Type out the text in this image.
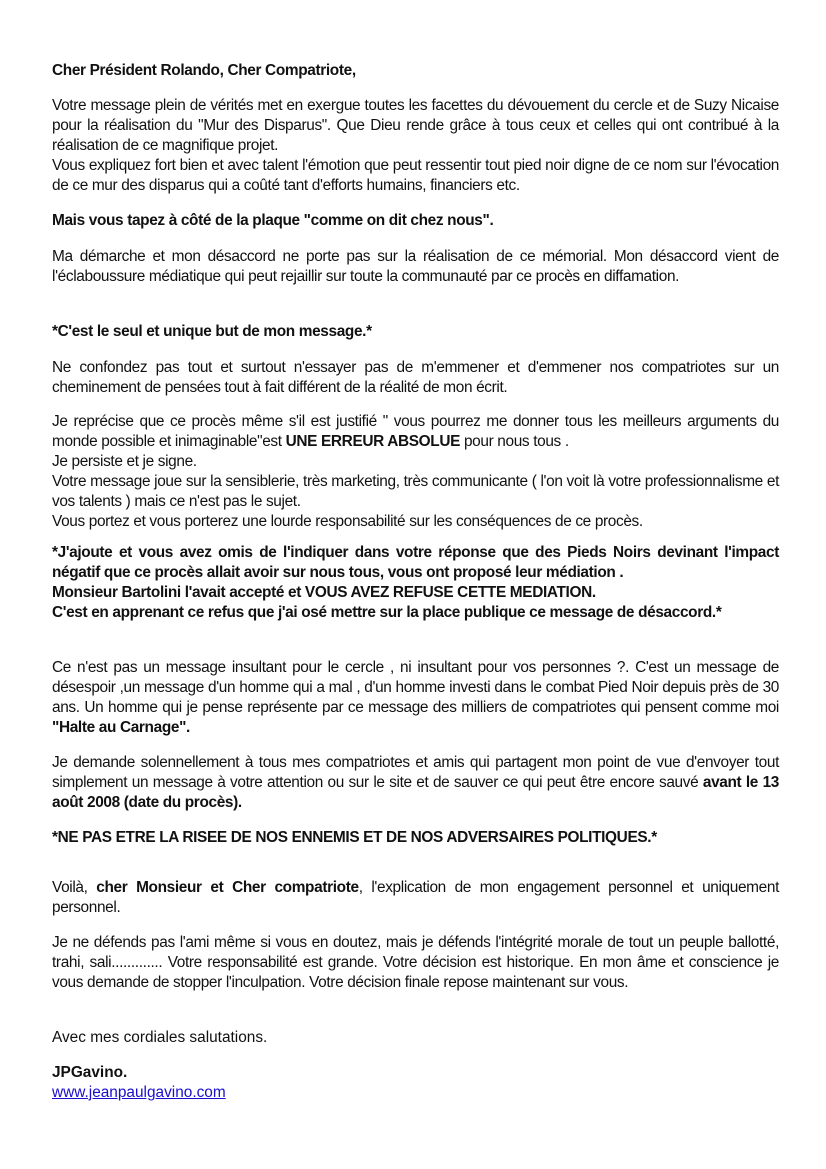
Cher Président Rolando, Cher Compatriote,

Votre message plein de vérités met en exergue toutes les facettes du dévouement du cercle et de Suzy Nicaise pour la réalisation du "Mur des Disparus". Que Dieu rende grâce à tous ceux et celles qui ont contribué à la réalisation de ce magnifique projet.
Vous expliquez fort bien et avec talent l'émotion que peut ressentir tout pied noir digne de ce nom sur l'évocation de ce mur des disparus qui a coûté tant d'efforts humains, financiers etc.

Mais vous tapez à côté de la plaque "comme on dit chez nous".

Ma démarche et mon désaccord ne porte pas sur la réalisation de ce mémorial. Mon désaccord vient de l'éclaboussure médiatique qui peut rejaillir sur toute la communauté par ce procès en diffamation.

*C'est le seul et unique but de mon message.*

Ne confondez pas tout et surtout n'essayer pas de m'emmener et d'emmener nos compatriotes sur un cheminement de pensées tout à fait différent de la réalité de mon écrit.

Je reprécise que ce procès même s'il est justifié " vous pourrez me donner tous les meilleurs arguments du monde possible et inimaginable"est UNE ERREUR ABSOLUE pour nous tous .
Je persiste et je signe.
Votre message joue sur la sensiblerie, très marketing, très communicante ( l'on voit là votre professionnalisme et vos talents ) mais ce n'est pas le sujet.
Vous portez et vous porterez une lourde responsabilité sur les conséquences de ce procès.

*J'ajoute et vous avez omis de l'indiquer dans votre réponse que des Pieds Noirs devinant l'impact négatif que ce procès allait avoir sur nous tous, vous ont proposé leur médiation .
Monsieur Bartolini l'avait accepté et VOUS AVEZ REFUSE CETTE MEDIATION.
C'est en apprenant ce refus que j'ai osé mettre sur la place publique ce message de désaccord.*

Ce n'est pas un message insultant pour le cercle , ni insultant pour vos personnes ?. C'est un message de désespoir ,un message d'un homme qui a mal , d'un homme investi dans le combat Pied Noir depuis près de 30 ans. Un homme qui je pense représente par ce message des milliers de compatriotes qui pensent comme moi "Halte au Carnage".

Je demande solennellement à tous mes compatriotes et amis qui partagent mon point de vue d'envoyer tout simplement un message à votre attention ou sur le site et de sauver ce qui peut être encore sauvé avant le 13 août 2008 (date du procès).

*NE PAS ETRE LA RISEE DE NOS ENNEMIS ET DE NOS ADVERSAIRES POLITIQUES.*

Voilà, cher Monsieur et Cher compatriote, l'explication de mon engagement personnel et uniquement personnel.

Je ne défends pas l'ami même si vous en doutez, mais je défends l'intégrité morale de tout un peuple ballotté, trahi, sali............. Votre responsabilité est grande. Votre décision est historique. En mon âme et conscience je vous demande de stopper l'inculpation. Votre décision finale repose maintenant sur vous.

Avec mes cordiales salutations.

JPGavino.

www.jeanpaulgavino.com
